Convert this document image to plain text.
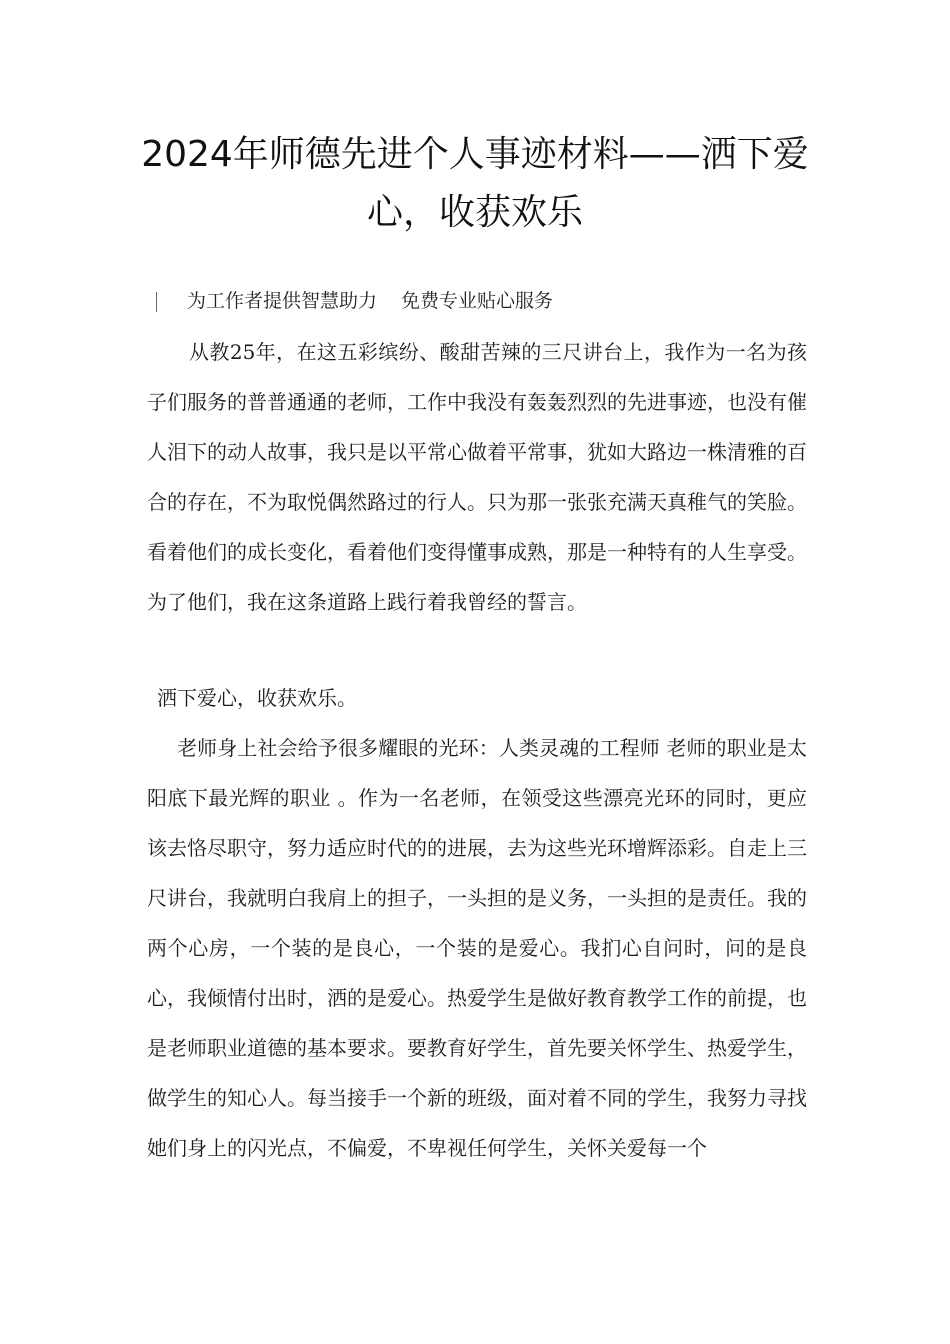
2024年师德先进个人事迹材料——洒下爱心，收获欢乐
为工作者提供智慧助力 免费专业贴心服务

从教25年，在这五彩缤纷、酸甜苦辣的三尺讲台上，我作为一名为孩子们服务的普普通通的老师，工作中我没有轰轰烈烈的先进事迹，也没有催人泪下的动人故事，我只是以平常心做着平常事，犹如大路边一株清雅的百合的存在，不为取悦偶然路过的行人。只为那一张张充满天真稚气的笑脸。看着他们的成长变化，看着他们变得懂事成熟，那是一种特有的人生享受。为了他们，我在这条道路上践行着我曾经的誓言。

洒下爱心，收获欢乐。

老师身上社会给予很多耀眼的光环：人类灵魂的工程师 老师的职业是太阳底下最光辉的职业 。作为一名老师，在领受这些漂亮光环的同时，更应该去恪尽职守，努力适应时代的的进展，去为这些光环增辉添彩。自走上三尺讲台，我就明白我肩上的担子，一头担的是义务，一头担的是责任。我的两个心房，一个装的是良心，一个装的是爱心。我扪心自问时，问的是良心，我倾情付出时，洒的是爱心。热爱学生是做好教育教学工作的前提，也是老师职业道德的基本要求。要教育好学生，首先要关怀学生、热爱学生，做学生的知心人。每当接手一个新的班级，面对着不同的学生，我努力寻找她们身上的闪光点，不偏爱，不卑视任何学生，关怀关爱每一个
